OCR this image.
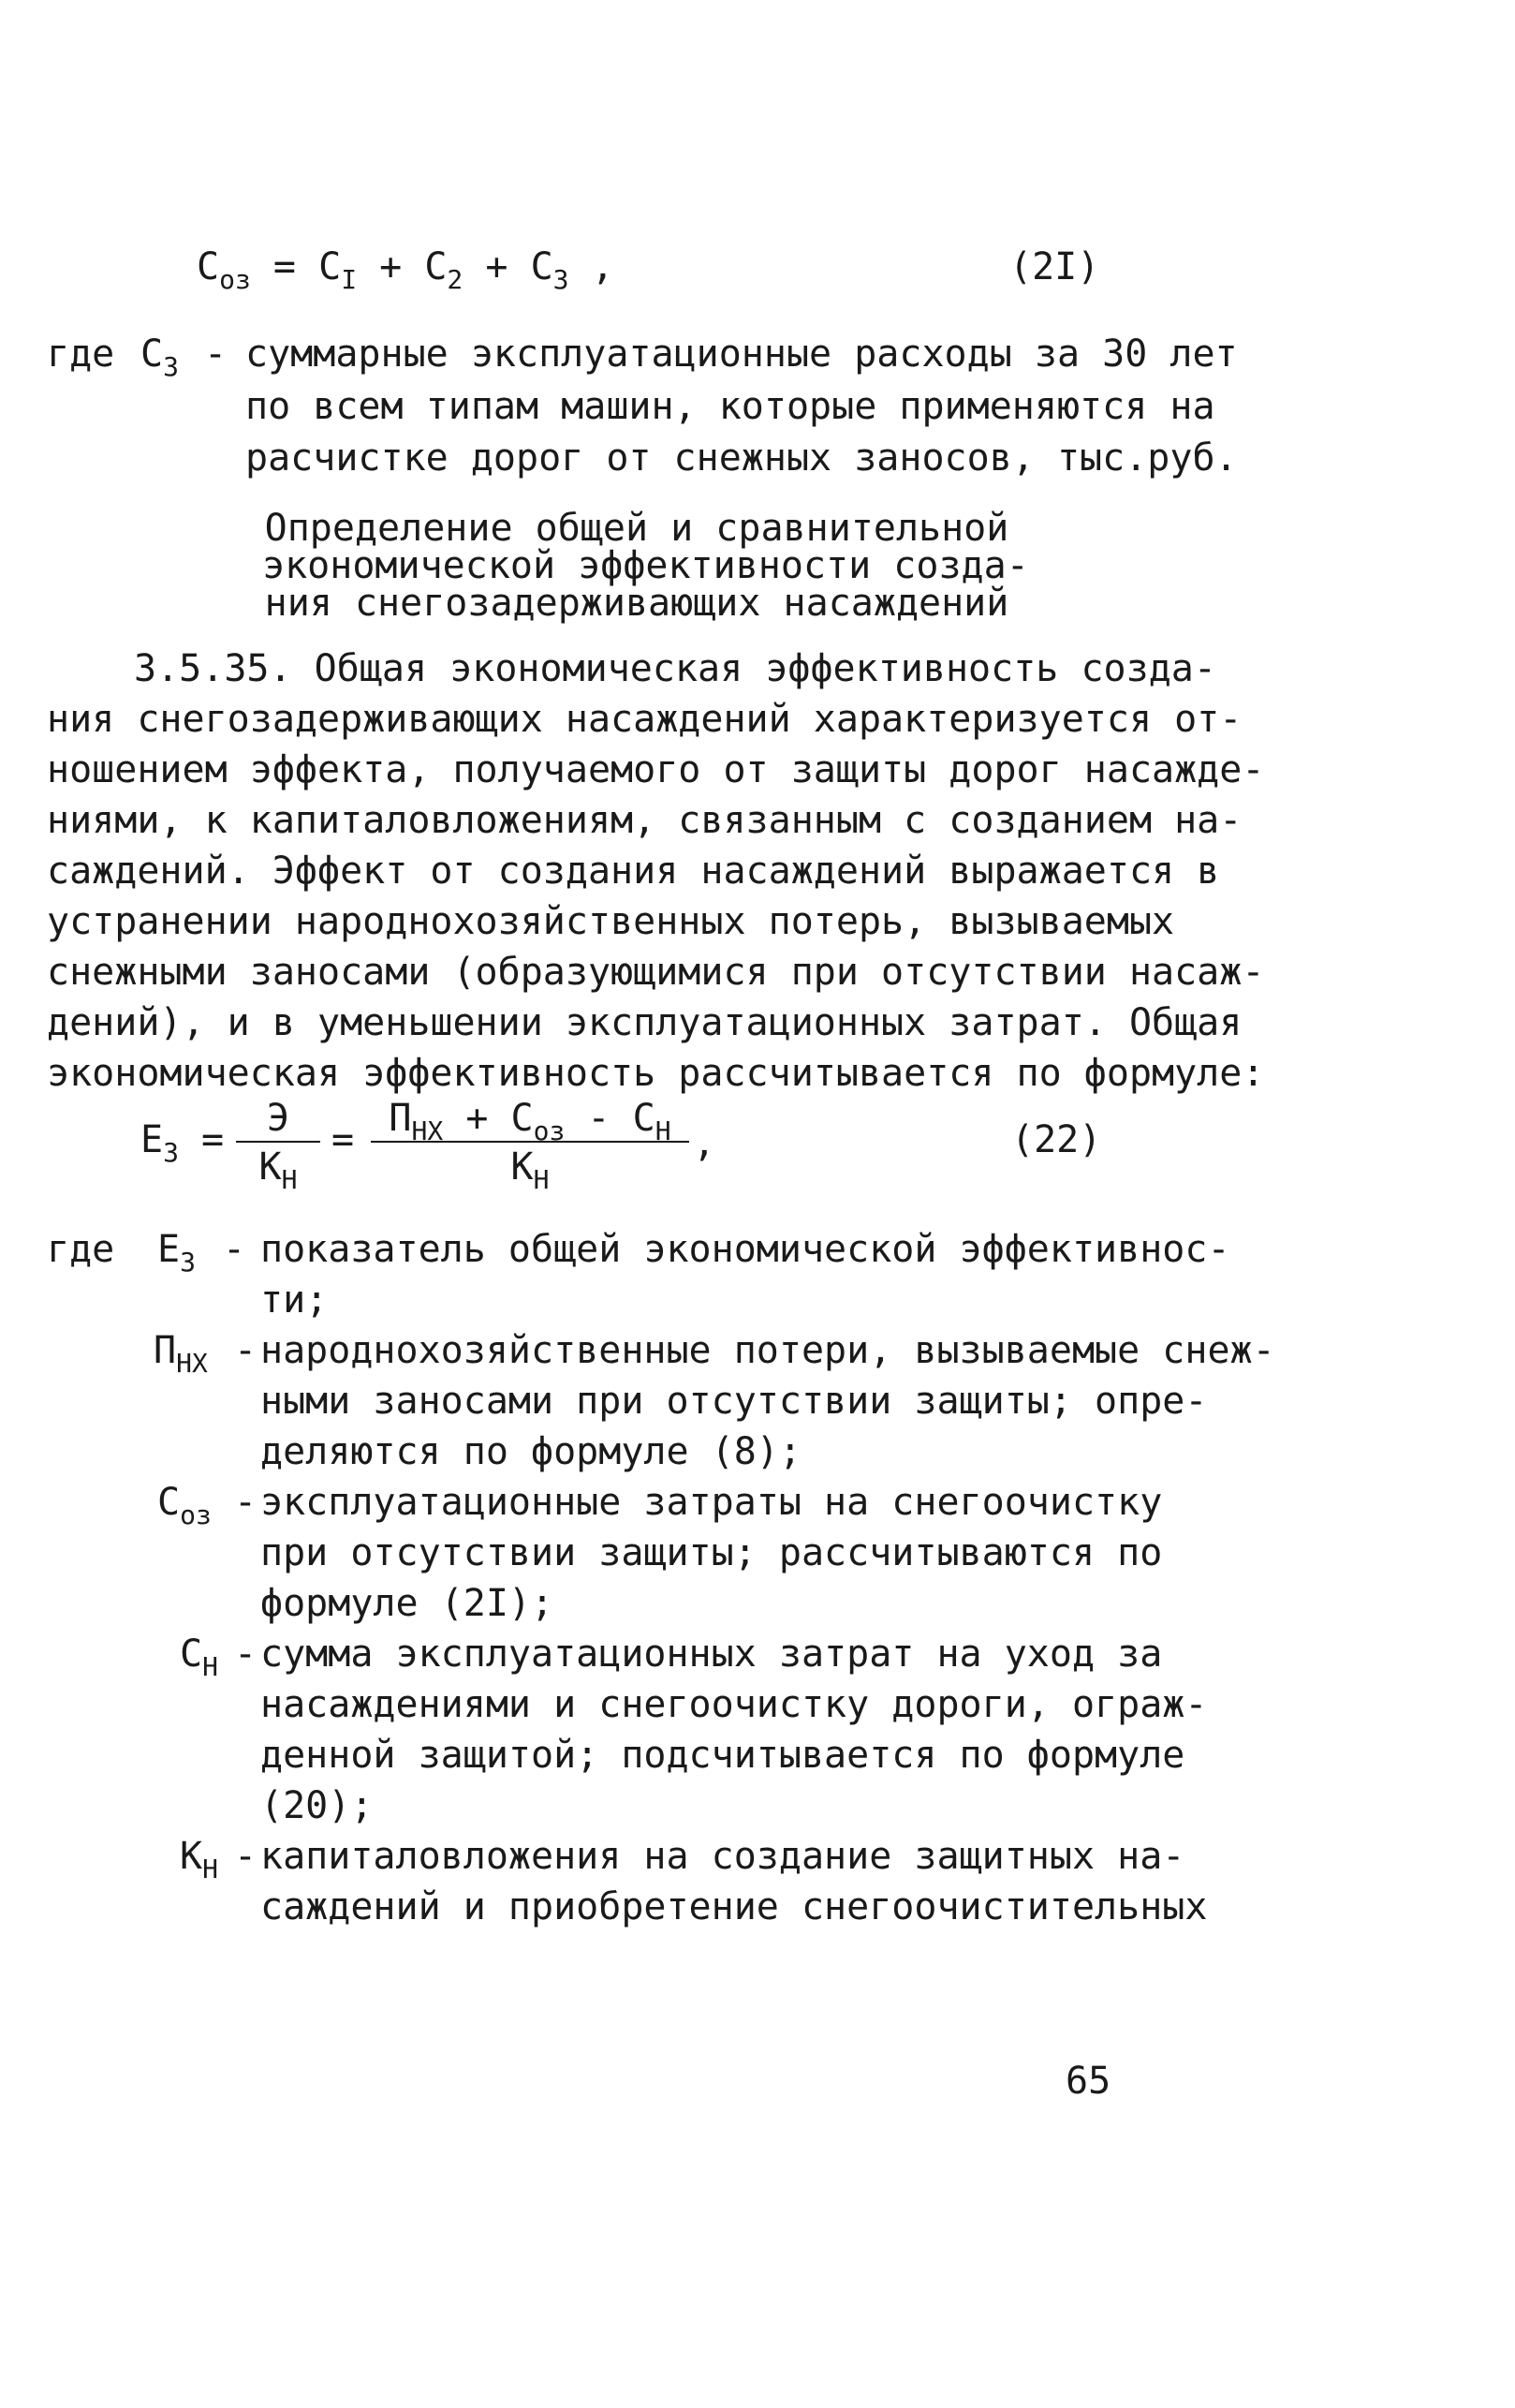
$C_{оз} = C_I + C_2 + C_3$ ,	(2I)
где $C_3$ - суммарные эксплуатационные расходы за 30 лет
по всем типам машин, которые применяются на
расчистке дорог от снежных заносов, тыс.руб.
Определение общей и сравнительной
экономической эффективности созда-
ния снегозадерживающих насаждений
3.5.35. Общая экономическая эффективность созда-
ния снегозадерживающих насаждений характеризуется от-
ношением эффекта, получаемого от защиты дорог насажде-
ниями, к капиталовложениям, связанным с созданием на-
саждений. Эффект от создания насаждений выражается в
устранении народнохозяйственных потерь, вызываемых
снежными заносами (образующимися при отсутствии насаж-
дений), и в уменьшении эксплуатационных затрат. Общая
экономическая эффективность рассчитывается по формуле:
$E_3$ =	Э
$K_H$
= $П_{HX} + C_{оз} - C_H$
$K_H$
,	(22)
где $E_3$ - показатель общей экономической эффективнос-
ти;
$П_{HX}$ - народнохозяйственные потери, вызываемые снеж-
ными заносами при отсутствии защиты; опре-
деляются по формуле (8);
$C_{оз}$ - эксплуатационные затраты на снегоочистку
при отсутствии защиты; рассчитываются по
формуле (2I);
$C_H$ - сумма эксплуатационных затрат на уход за
насаждениями и снегоочистку дороги, ограж-
денной защитой; подсчитывается по формуле
(20);
$K_H$ - капиталовложения на создание защитных на-
саждений и приобретение снегоочистительных
65
